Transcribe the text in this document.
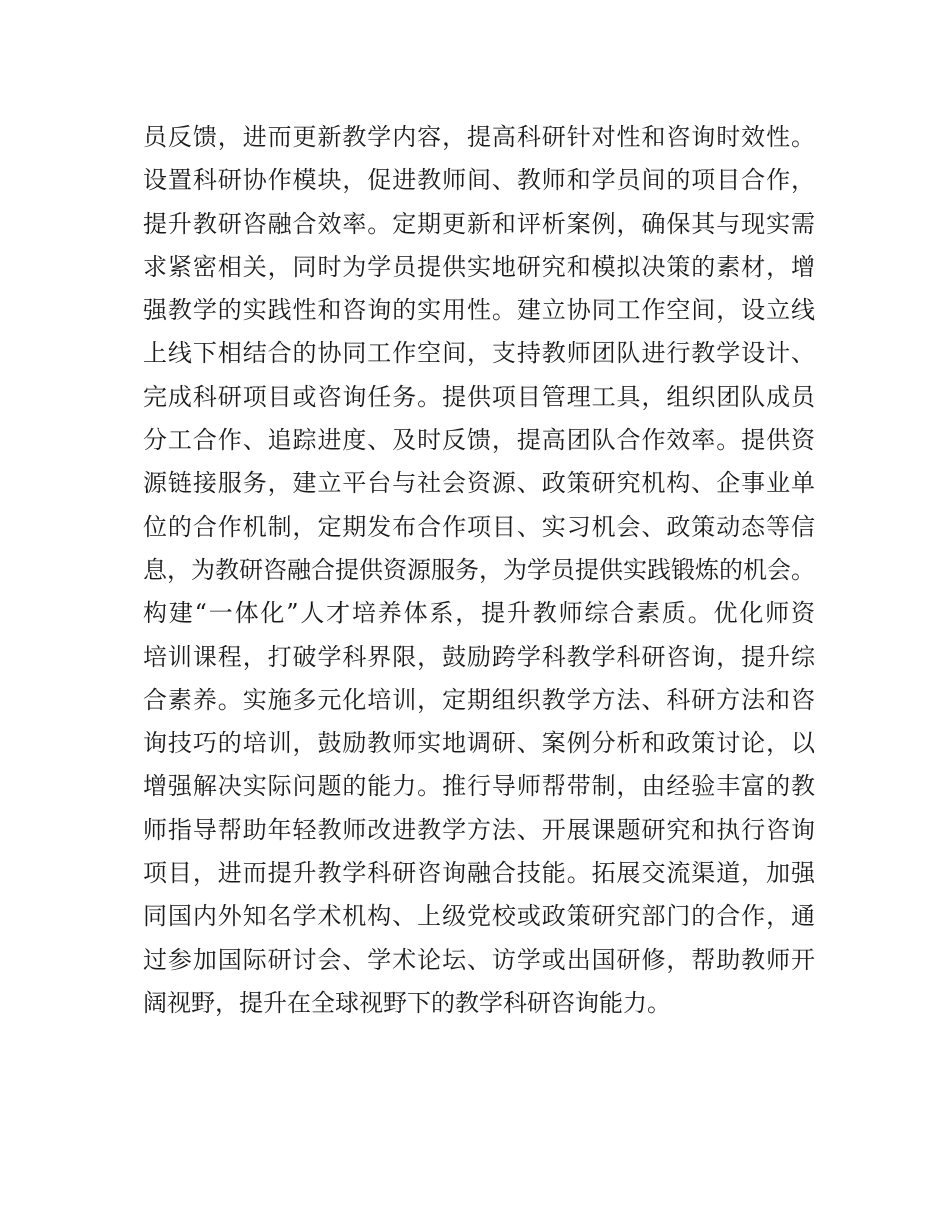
员反馈，进而更新教学内容，提高科研针对性和咨询时效性。
设置科研协作模块，促进教师间、教师和学员间的项目合作，
提升教研咨融合效率。定期更新和评析案例，确保其与现实需
求紧密相关，同时为学员提供实地研究和模拟决策的素材，增
强教学的实践性和咨询的实用性。建立协同工作空间，设立线
上线下相结合的协同工作空间，支持教师团队进行教学设计、
完成科研项目或咨询任务。提供项目管理工具，组织团队成员
分工合作、追踪进度、及时反馈，提高团队合作效率。提供资
源链接服务，建立平台与社会资源、政策研究机构、企事业单
位的合作机制，定期发布合作项目、实习机会、政策动态等信
息，为教研咨融合提供资源服务，为学员提供实践锻炼的机会。
构建“一体化”人才培养体系，提升教师综合素质。优化师资
培训课程，打破学科界限，鼓励跨学科教学科研咨询，提升综
合素养。实施多元化培训，定期组织教学方法、科研方法和咨
询技巧的培训，鼓励教师实地调研、案例分析和政策讨论，以
增强解决实际问题的能力。推行导师帮带制，由经验丰富的教
师指导帮助年轻教师改进教学方法、开展课题研究和执行咨询
项目，进而提升教学科研咨询融合技能。拓展交流渠道，加强
同国内外知名学术机构、上级党校或政策研究部门的合作，通
过参加国际研讨会、学术论坛、访学或出国研修，帮助教师开
阔视野，提升在全球视野下的教学科研咨询能力。
